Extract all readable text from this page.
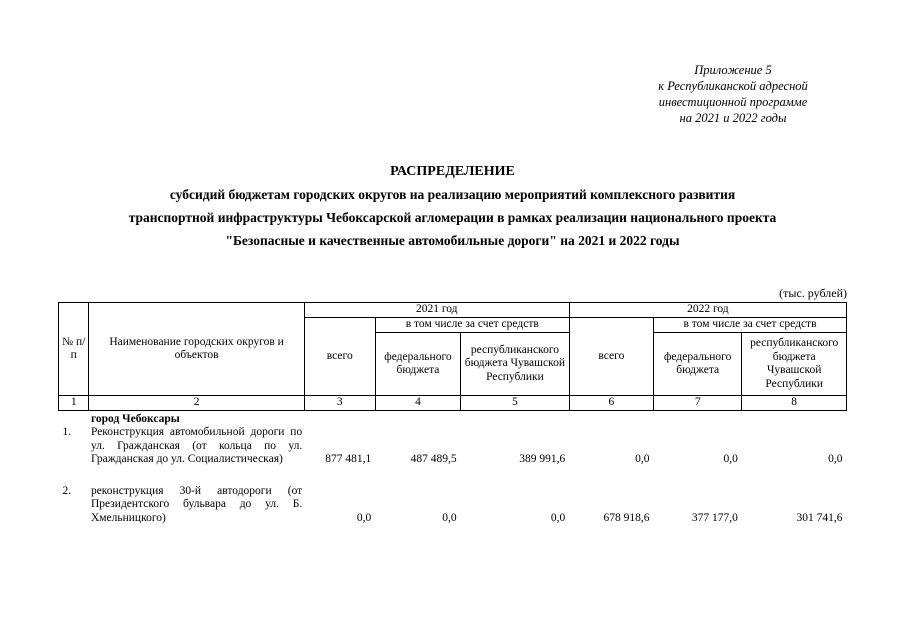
Приложение 5
к Республиканской адресной
инвестиционной программе
на 2021 и 2022 годы
РАСПРЕДЕЛЕНИЕ
субсидий бюджетам городских округов на реализацию мероприятий комплексного развития
транспортной инфраструктуры Чебоксарской агломерации в рамках реализации национального проекта
"Безопасные и качественные автомобильные дороги" на 2021 и 2022 годы
(тыс. рублей)
№ п/п	Наименование городских округов и объектов	2021 год			2022 год		
		всего	в том числе за счет средств		всего	в том числе за счет средств	
			федерального бюджета	республиканского бюджета Чувашской Республики		федерального бюджета	республиканского бюджета Чувашской Республики
1	2	3	4	5	6	7	8
	город Чебоксары						
1.	Реконструкция автомобильной дороги по ул. Гражданская (от кольца по ул. Гражданская до ул. Социалистическая)	877 481,1	487 489,5	389 991,6	0,0	0,0	0,0

2.	реконструкция 30-й автодороги (от Президентского бульвара до ул. Б. Хмельницкого)	0,0	0,0	0,0	678 918,6	377 177,0	301 741,6
